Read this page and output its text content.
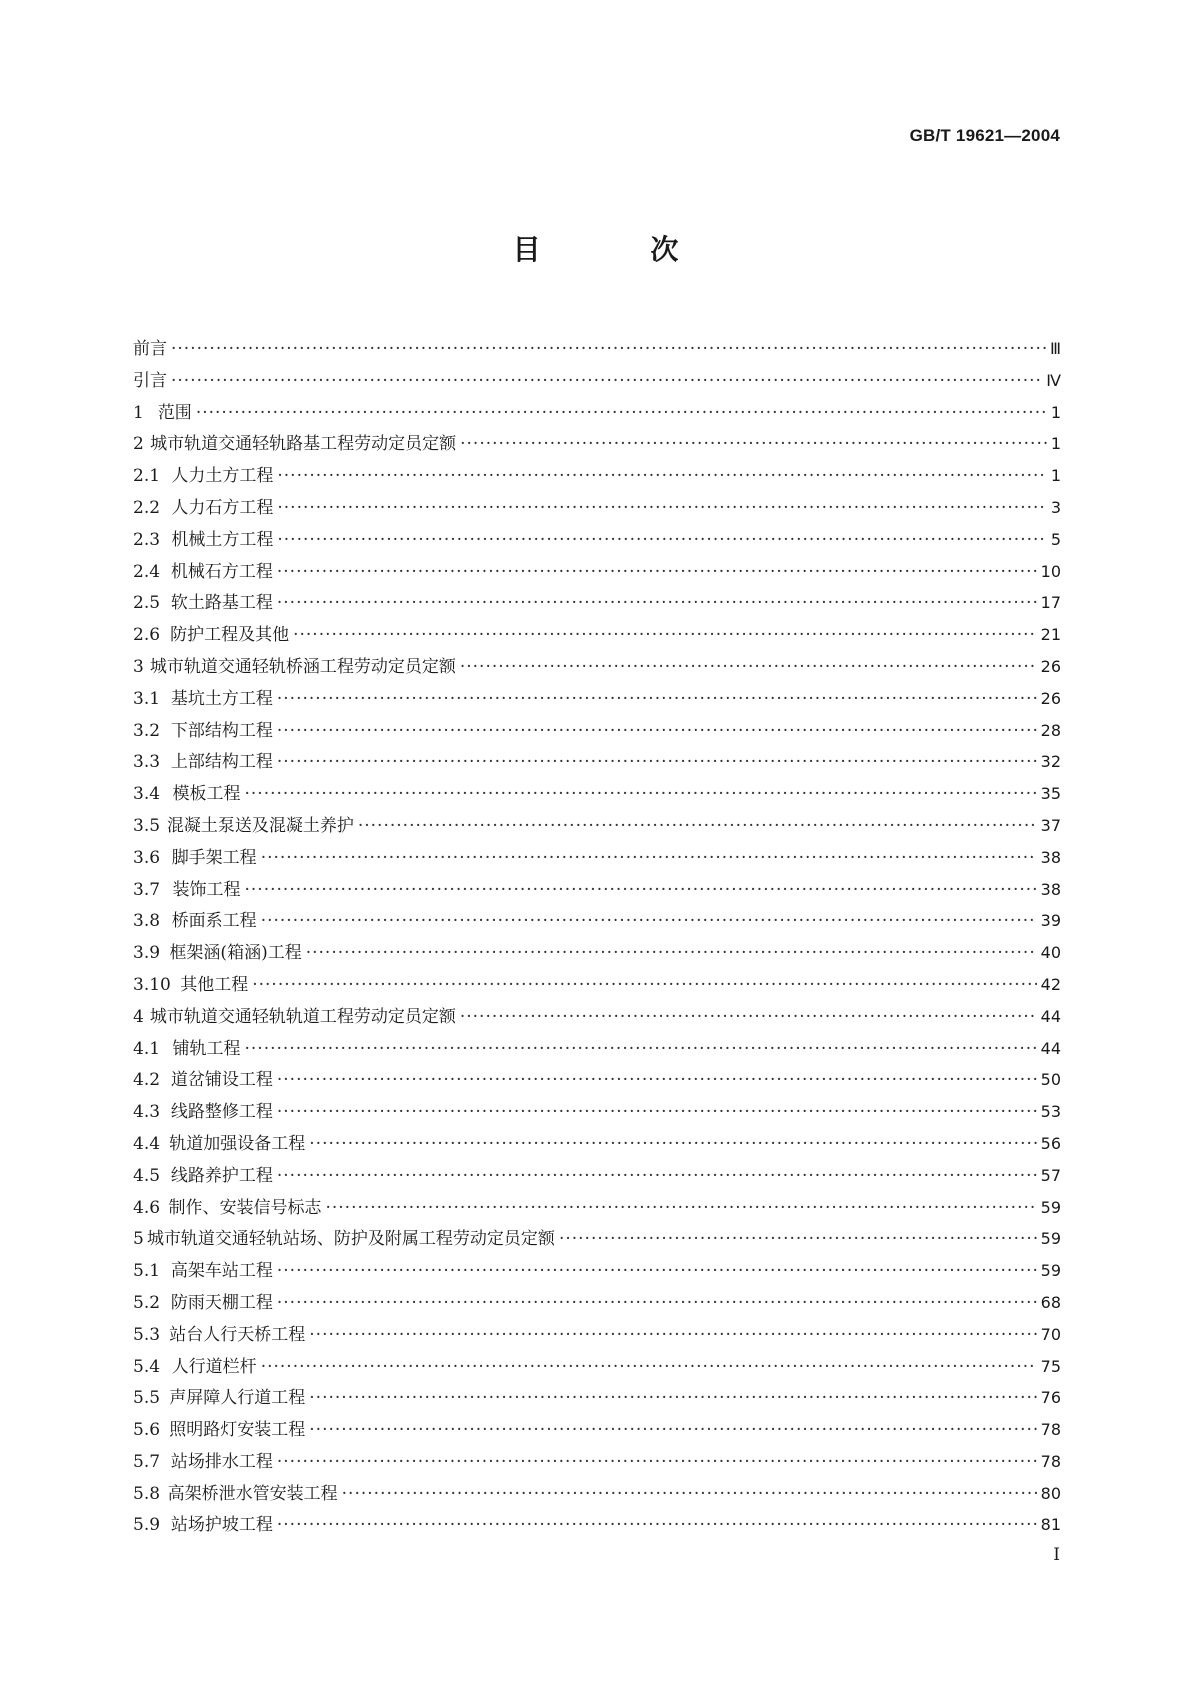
GB/T 19621—2004
目 次
前言 ·····	Ⅲ
引言 ·····	Ⅳ
1 范围 ·····	1
2 城市轨道交通轻轨路基工程劳动定员定额 ·····	1
2.1 人力土方工程 ·····	1
2.2 人力石方工程 ·····	3
2.3 机械土方工程 ·····	5
2.4 机械石方工程 ·····	10
2.5 软土路基工程 ·····	17
2.6 防护工程及其他 ·····	21
3 城市轨道交通轻轨桥涵工程劳动定员定额 ·····	26
3.1 基坑土方工程 ·····	26
3.2 下部结构工程 ·····	28
3.3 上部结构工程 ·····	32
3.4 模板工程 ·····	35
3.5 混凝土泵送及混凝土养护 ·····	37
3.6 脚手架工程 ·····	38
3.7 装饰工程 ·····	38
3.8 桥面系工程 ·····	39
3.9 框架涵(箱涵)工程 ·····	40
3.10 其他工程 ·····	42
4 城市轨道交通轻轨轨道工程劳动定员定额 ·····	44
4.1 铺轨工程 ·····	44
4.2 道岔铺设工程 ·····	50
4.3 线路整修工程 ·····	53
4.4 轨道加强设备工程 ·····	56
4.5 线路养护工程 ·····	57
4.6 制作、安装信号标志 ·····	59
5 城市轨道交通轻轨站场、防护及附属工程劳动定员定额 ·····	59
5.1 高架车站工程 ·····	59
5.2 防雨天棚工程 ·····	68
5.3 站台人行天桥工程 ·····	70
5.4 人行道栏杆 ·····	75
5.5 声屏障人行道工程 ·····	76
5.6 照明路灯安装工程 ·····	78
5.7 站场排水工程 ·····	78
5.8 高架桥泄水管安装工程 ·····	80
5.9 站场护坡工程 ·····	81
I
